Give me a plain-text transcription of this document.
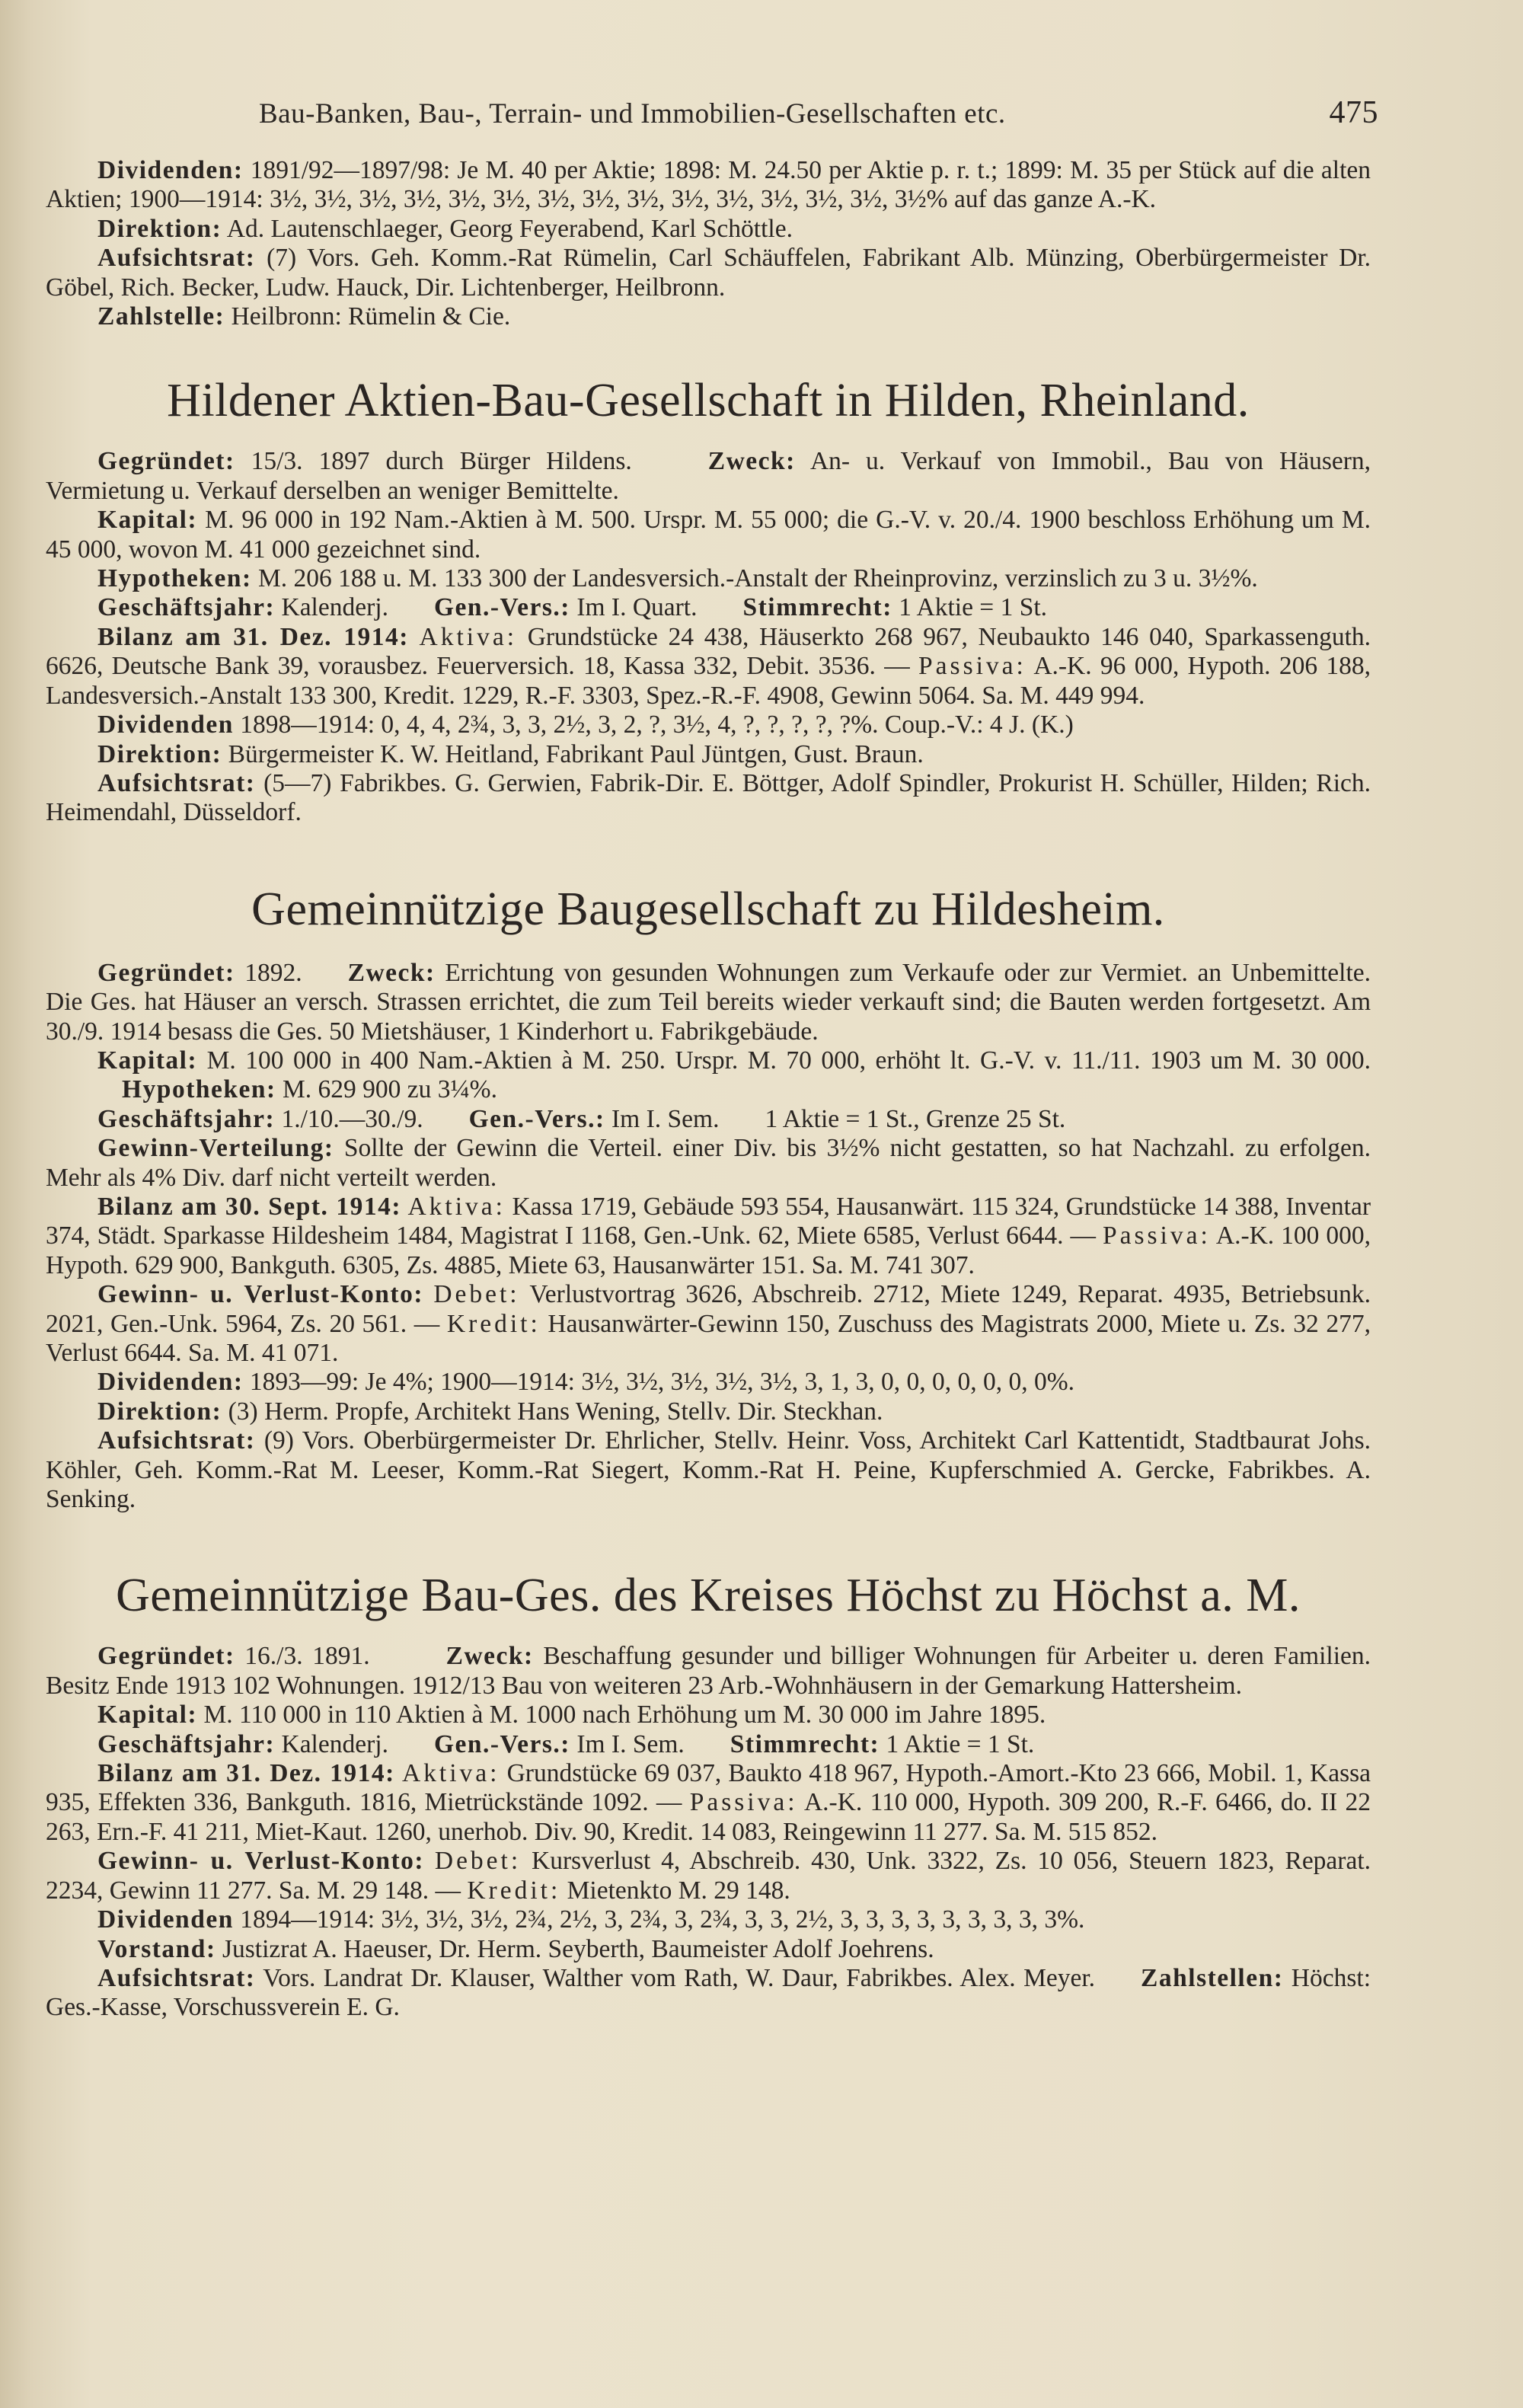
Bau-Banken, Bau-, Terrain- und Immobilien-Gesellschaften etc.	475

Dividenden: 1891/92—1897/98: Je M. 40 per Aktie; 1898: M. 24.50 per Aktie p. r. t.; 1899: M. 35 per Stück auf die alten Aktien; 1900—1914: 3½, 3½, 3½, 3½, 3½, 3½, 3½, 3½, 3½, 3½, 3½, 3½, 3½, 3½, 3½% auf das ganze A.-K.

Direktion: Ad. Lautenschlaeger, Georg Feyerabend, Karl Schöttle.

Aufsichtsrat: (7) Vors. Geh. Komm.-Rat Rümelin, Carl Schäuffelen, Fabrikant Alb. Münzing, Oberbürgermeister Dr. Göbel, Rich. Becker, Ludw. Hauck, Dir. Lichtenberger, Heilbronn.

Zahlstelle: Heilbronn: Rümelin & Cie.

Hildener Aktien-Bau-Gesellschaft in Hilden, Rheinland.

Gegründet: 15/3. 1897 durch Bürger Hildens.	Zweck: An- u. Verkauf von Immobil., Bau von Häusern, Vermietung u. Verkauf derselben an weniger Bemittelte.

Kapital: M. 96 000 in 192 Nam.-Aktien à M. 500. Urspr. M. 55 000; die G.-V. v. 20./4. 1900 beschloss Erhöhung um M. 45 000, wovon M. 41 000 gezeichnet sind.

Hypotheken: M. 206 188 u. M. 133 300 der Landesversich.-Anstalt der Rheinprovinz, verzinslich zu 3 u. 3½%.

Geschäftsjahr: Kalenderj. Gen.-Vers.: Im I. Quart. Stimmrecht: 1 Aktie = 1 St.

Bilanz am 31. Dez. 1914: Aktiva: Grundstücke 24 438, Häuserkto 268 967, Neubaukto 146 040, Sparkassenguth. 6626, Deutsche Bank 39, vorausbez. Feuerversich. 18, Kassa 332, Debit. 3536. — Passiva: A.-K. 96 000, Hypoth. 206 188, Landesversich.-Anstalt 133 300, Kredit. 1229, R.-F. 3303, Spez.-R.-F. 4908, Gewinn 5064. Sa. M. 449 994.

Dividenden 1898—1914: 0, 4, 4, 2¾, 3, 3, 2½, 3, 2, ?, 3½, 4, ?, ?, ?, ?, ?%. Coup.-V.: 4 J. (K.)

Direktion: Bürgermeister K. W. Heitland, Fabrikant Paul Jüntgen, Gust. Braun.

Aufsichtsrat: (5—7) Fabrikbes. G. Gerwien, Fabrik-Dir. E. Böttger, Adolf Spindler, Prokurist H. Schüller, Hilden; Rich. Heimendahl, Düsseldorf.

Gemeinnützige Baugesellschaft zu Hildesheim.

Gegründet: 1892. Zweck: Errichtung von gesunden Wohnungen zum Verkaufe oder zur Vermiet. an Unbemittelte. Die Ges. hat Häuser an versch. Strassen errichtet, die zum Teil bereits wieder verkauft sind; die Bauten werden fortgesetzt. Am 30./9. 1914 besass die Ges. 50 Mietshäuser, 1 Kinderhort u. Fabrikgebäude.

Kapital: M. 100 000 in 400 Nam.-Aktien à M. 250. Urspr. M. 70 000, erhöht lt. G.-V. v. 11./11. 1903 um M. 30 000.Hypotheken: M. 629 900 zu 3¼%.

Geschäftsjahr: 1./10.—30./9. Gen.-Vers.: Im I. Sem. 1 Aktie = 1 St., Grenze 25 St.

Gewinn-Verteilung: Sollte der Gewinn die Verteil. einer Div. bis 3½% nicht gestatten, so hat Nachzahl. zu erfolgen. Mehr als 4% Div. darf nicht verteilt werden.

Bilanz am 30. Sept. 1914: Aktiva: Kassa 1719, Gebäude 593 554, Hausanwärt. 115 324, Grundstücke 14 388, Inventar 374, Städt. Sparkasse Hildesheim 1484, Magistrat I 1168, Gen.-Unk. 62, Miete 6585, Verlust 6644. — Passiva: A.-K. 100 000, Hypoth. 629 900, Bankguth. 6305, Zs. 4885, Miete 63, Hausanwärter 151. Sa. M. 741 307.

Gewinn- u. Verlust-Konto: Debet: Verlustvortrag 3626, Abschreib. 2712, Miete 1249, Reparat. 4935, Betriebsunk. 2021, Gen.-Unk. 5964, Zs. 20 561. — Kredit: Hausanwärter-Gewinn 150, Zuschuss des Magistrats 2000, Miete u. Zs. 32 277, Verlust 6644. Sa. M. 41 071.

Dividenden: 1893—99: Je 4%; 1900—1914: 3½, 3½, 3½, 3½, 3½, 3, 1, 3, 0, 0, 0, 0, 0, 0, 0%.

Direktion: (3) Herm. Propfe, Architekt Hans Wening, Stellv. Dir. Steckhan.

Aufsichtsrat: (9) Vors. Oberbürgermeister Dr. Ehrlicher, Stellv. Heinr. Voss, Architekt Carl Kattentidt, Stadtbaurat Johs. Köhler, Geh. Komm.-Rat M. Leeser, Komm.-Rat Siegert, Komm.-Rat H. Peine, Kupferschmied A. Gercke, Fabrikbes. A. Senking.

Gemeinnützige Bau-Ges. des Kreises Höchst zu Höchst a. M.

Gegründet: 16./3. 1891.	Zweck: Beschaffung gesunder und billiger Wohnungen für Arbeiter u. deren Familien. Besitz Ende 1913 102 Wohnungen. 1912/13 Bau von weiteren 23 Arb.-Wohnhäusern in der Gemarkung Hattersheim.

Kapital: M. 110 000 in 110 Aktien à M. 1000 nach Erhöhung um M. 30 000 im Jahre 1895.

Geschäftsjahr: Kalenderj. Gen.-Vers.: Im I. Sem. Stimmrecht: 1 Aktie = 1 St.

Bilanz am 31. Dez. 1914: Aktiva: Grundstücke 69 037, Baukto 418 967, Hypoth.-Amort.-Kto 23 666, Mobil. 1, Kassa 935, Effekten 336, Bankguth. 1816, Mietrückstände 1092. — Passiva: A.-K. 110 000, Hypoth. 309 200, R.-F. 6466, do. II 22 263, Ern.-F. 41 211, Miet-Kaut. 1260, unerhob. Div. 90, Kredit. 14 083, Reingewinn 11 277. Sa. M. 515 852.

Gewinn- u. Verlust-Konto: Debet: Kursverlust 4, Abschreib. 430, Unk. 3322, Zs. 10 056, Steuern 1823, Reparat. 2234, Gewinn 11 277. Sa. M. 29 148. — Kredit: Mietenkto M. 29 148.

Dividenden 1894—1914: 3½, 3½, 3½, 2¾, 2½, 3, 2¾, 3, 2¾, 3, 3, 2½, 3, 3, 3, 3, 3, 3, 3, 3, 3%.

Vorstand: Justizrat A. Haeuser, Dr. Herm. Seyberth, Baumeister Adolf Joehrens.

Aufsichtsrat: Vors. Landrat Dr. Klauser, Walther vom Rath, W. Daur, Fabrikbes. Alex. Meyer. Zahlstellen: Höchst: Ges.-Kasse, Vorschussverein E. G.
